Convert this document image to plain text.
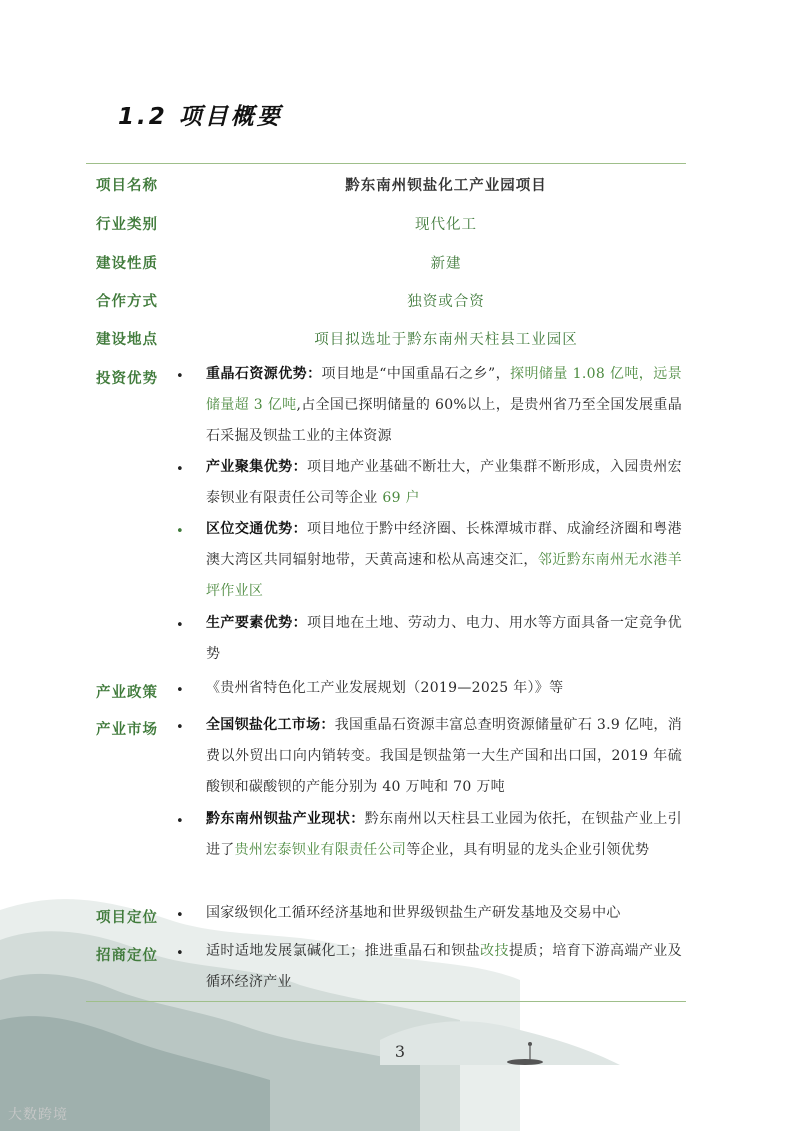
1.2 项目概要
项目名称	黔东南州钡盐化工产业园项目
行业类别	现代化工
建设性质	新建
合作方式	独资或合资
建设地点	项目拟选址于黔东南州天柱县工业园区
投资优势 • 重晶石资源优势：项目地是“中国重晶石之乡”，探明储量 1.08 亿吨，远景储量超 3 亿吨,占全国已探明储量的 60%以上，是贵州省乃至全国发展重晶石采掘及钡盐工业的主体资源
• 产业聚集优势：项目地产业基础不断壮大，产业集群不断形成，入园贵州宏泰钡业有限责任公司等企业 69 户
• 区位交通优势：项目地位于黔中经济圈、长株潭城市群、成渝经济圈和粤港澳大湾区共同辐射地带，天黄高速和松从高速交汇，邻近黔东南州无水港羊坪作业区
• 生产要素优势：项目地在土地、劳动力、电力、用水等方面具备一定竞争优势
产业政策 • 《贵州省特色化工产业发展规划（2019—2025 年）》等
产业市场 • 全国钡盐化工市场：我国重晶石资源丰富总查明资源储量矿石 3.9 亿吨，消费以外贸出口向内销转变。我国是钡盐第一大生产国和出口国，2019 年硫酸钡和碳酸钡的产能分别为 40 万吨和 70 万吨
• 黔东南州钡盐产业现状：黔东南州以天柱县工业园为依托，在钡盐产业上引进了贵州宏泰钡业有限责任公司等企业，具有明显的龙头企业引领优势
项目定位 • 国家级钡化工循环经济基地和世界级钡盐生产研发基地及交易中心
招商定位 • 适时适地发展氯碱化工；推进重晶石和钡盐改技提质；培育下游高端产业及循环经济产业
3
大数跨境
